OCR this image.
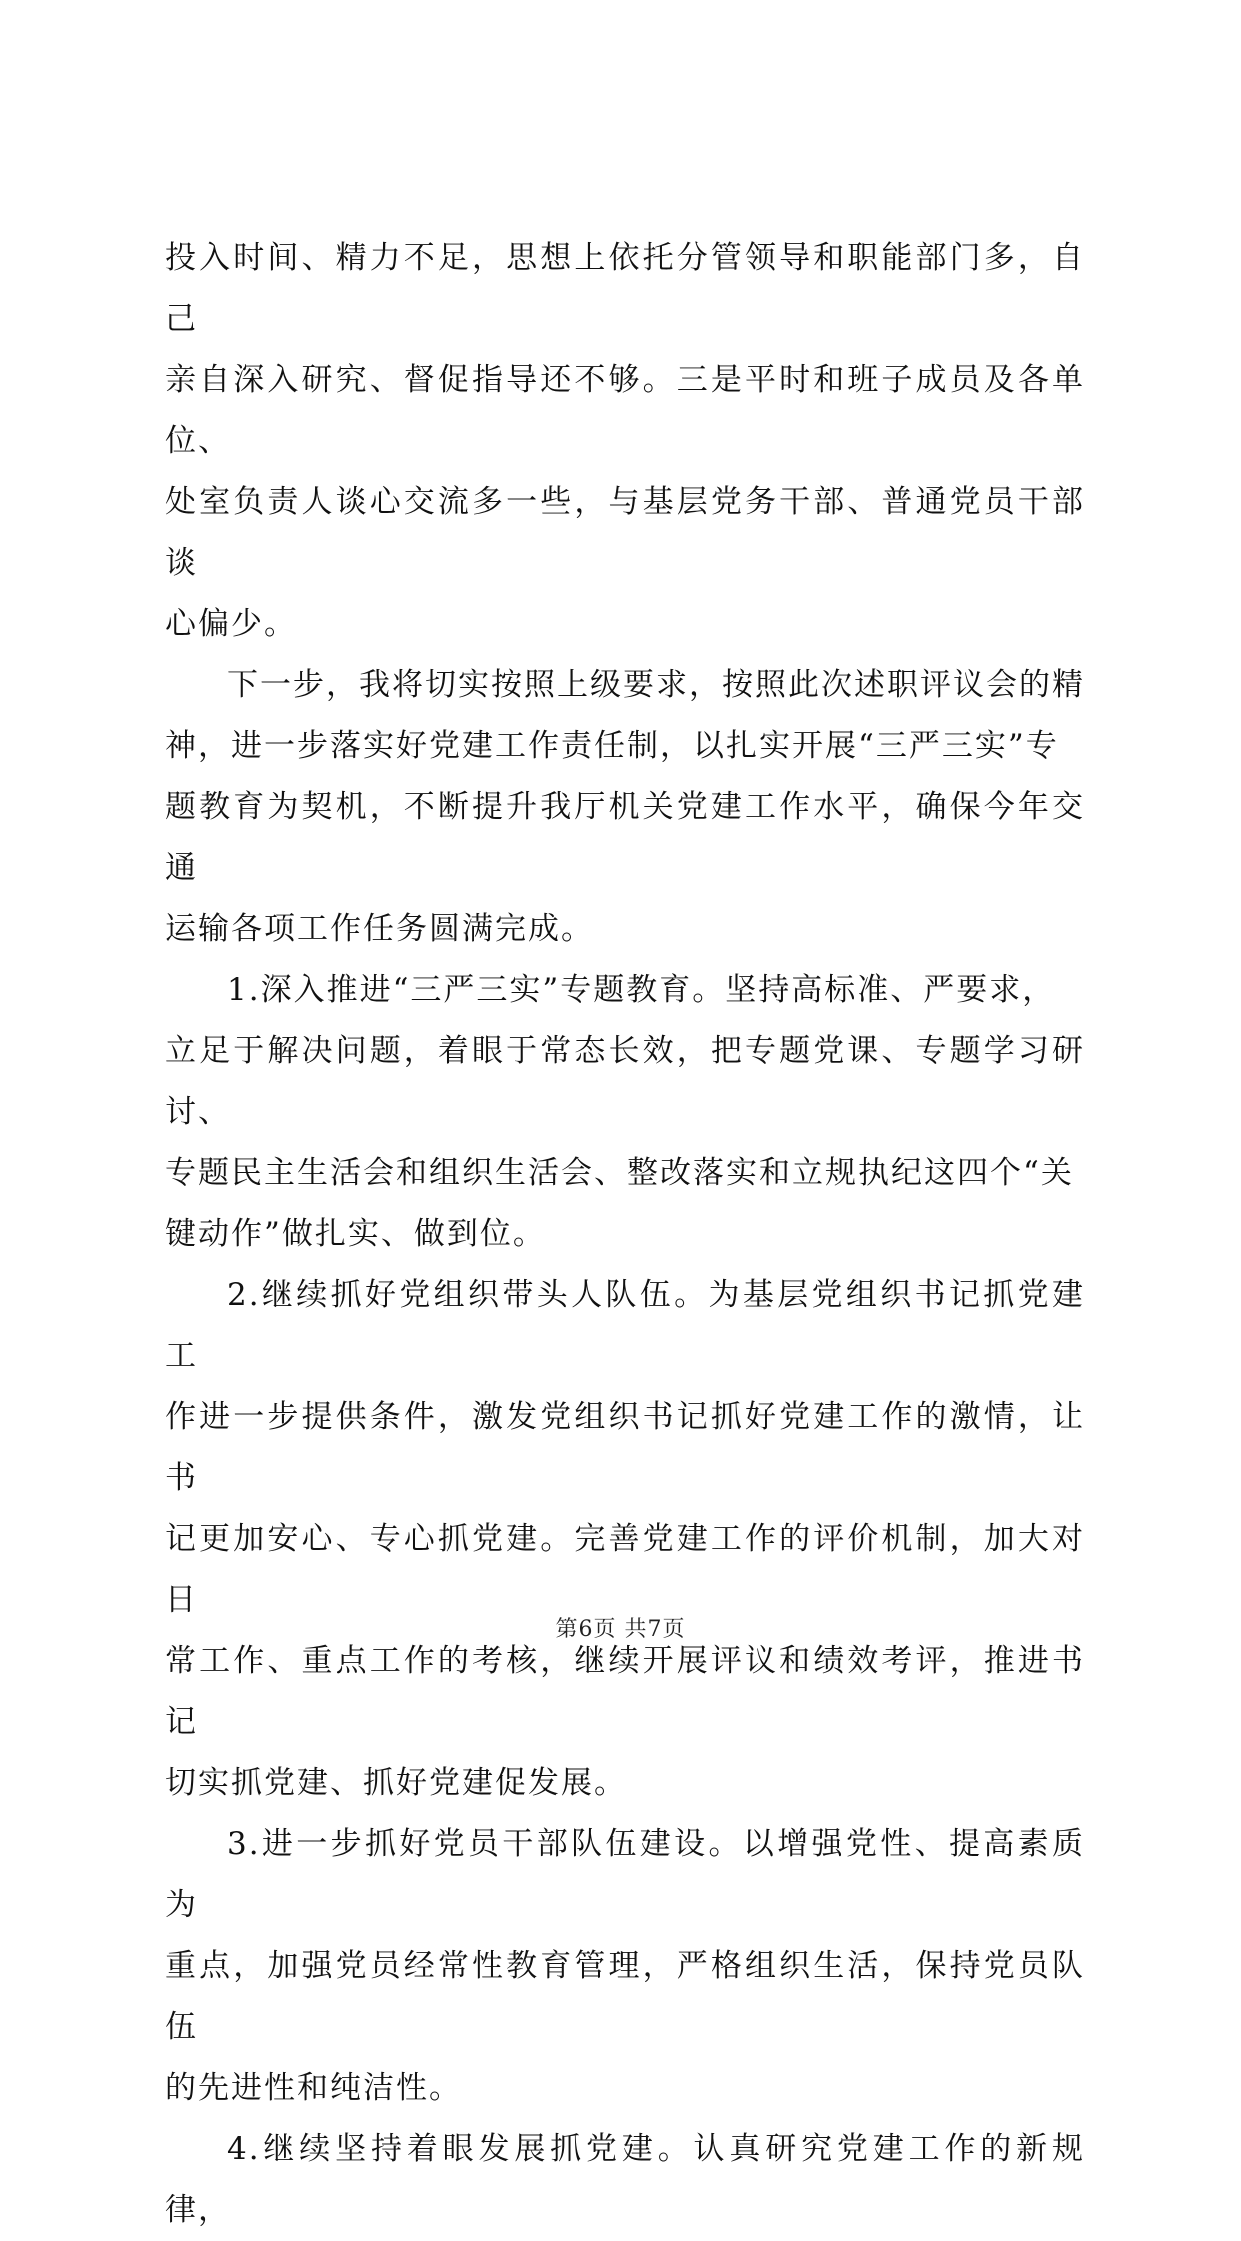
投入时间、精力不足，思想上依托分管领导和职能部门多，自己
亲自深入研究、督促指导还不够。三是平时和班子成员及各单位、
处室负责人谈心交流多一些，与基层党务干部、普通党员干部谈
心偏少。

下一步，我将切实按照上级要求，按照此次述职评议会的精
神，进一步落实好党建工作责任制，以扎实开展“三严三实”专
题教育为契机，不断提升我厅机关党建工作水平，确保今年交通
运输各项工作任务圆满完成。

1.深入推进“三严三实”专题教育。坚持高标准、严要求，
立足于解决问题，着眼于常态长效，把专题党课、专题学习研讨、
专题民主生活会和组织生活会、整改落实和立规执纪这四个“关
键动作”做扎实、做到位。

2.继续抓好党组织带头人队伍。为基层党组织书记抓党建工
作进一步提供条件，激发党组织书记抓好党建工作的激情，让书
记更加安心、专心抓党建。完善党建工作的评价机制，加大对日
常工作、重点工作的考核，继续开展评议和绩效考评，推进书记
切实抓党建、抓好党建促发展。

3.进一步抓好党员干部队伍建设。以增强党性、提高素质为
重点，加强党员经常性教育管理，严格组织生活，保持党员队伍
的先进性和纯洁性。

4.继续坚持着眼发展抓党建。认真研究党建工作的新规律，

第6页 共7页
